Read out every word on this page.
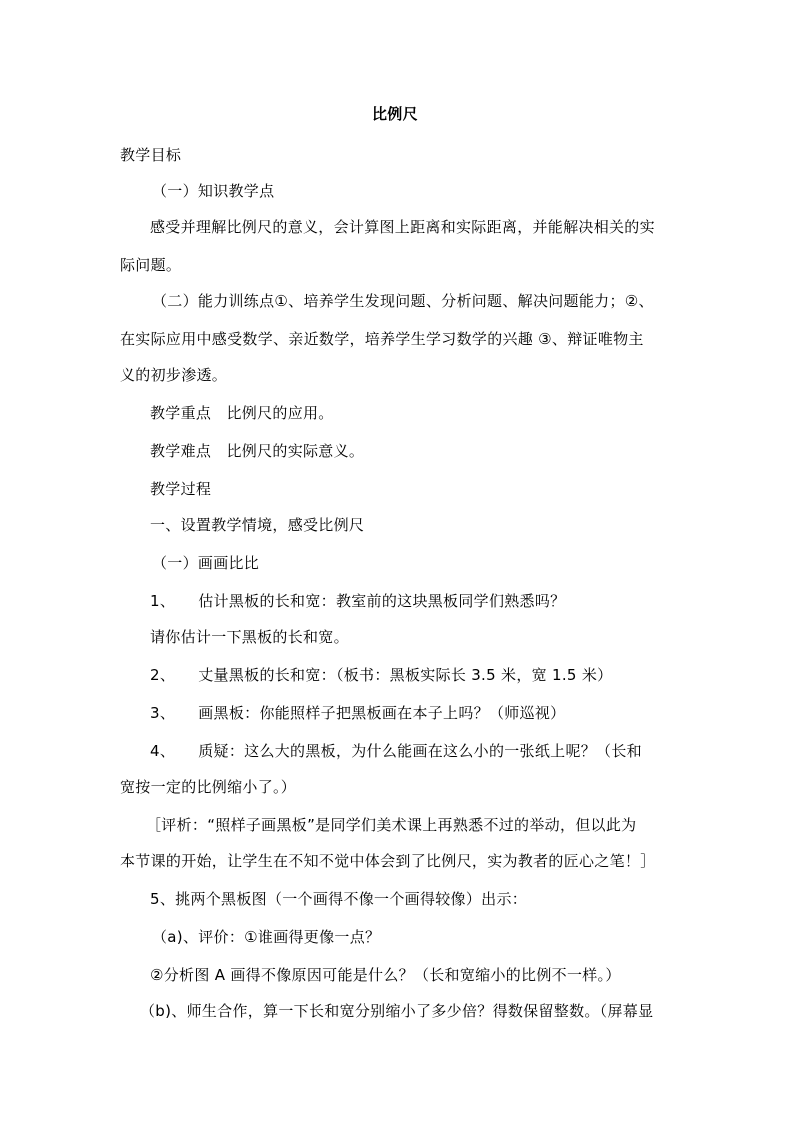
比例尺
教学目标
（一）知识教学点
感受并理解比例尺的意义，会计算图上距离和实际距离，并能解决相关的实
际问题。
（二）能力训练点①、培养学生发现问题、分析问题、解决问题能力；②、
在实际应用中感受数学、亲近数学，培养学生学习数学的兴趣 ③、辩证唯物主
义的初步渗透。
教学重点　比例尺的应用。
教学难点　比例尺的实际意义。
教学过程
一、设置教学情境，感受比例尺
（一）画画比比
1、　　估计黑板的长和宽：教室前的这块黑板同学们熟悉吗？
请你估计一下黑板的长和宽。
2、　　丈量黑板的长和宽：（板书：黑板实际长 3.5 米，宽 1.5 米）
3、　　画黑板：你能照样子把黑板画在本子上吗？（师巡视）
4、　　质疑：这么大的黑板，为什么能画在这么小的一张纸上呢？（长和
宽按一定的比例缩小了。）
［评析：“照样子画黑板”是同学们美术课上再熟悉不过的举动，但以此为
本节课的开始，让学生在不知不觉中体会到了比例尺，实为教者的匠心之笔！］
5、挑两个黑板图（一个画得不像一个画得较像）出示：
（a)、评价：①谁画得更像一点？
②分析图 A 画得不像原因可能是什么？（长和宽缩小的比例不一样。）
（b)、师生合作，算一下长和宽分别缩小了多少倍？得数保留整数。（屏幕显
